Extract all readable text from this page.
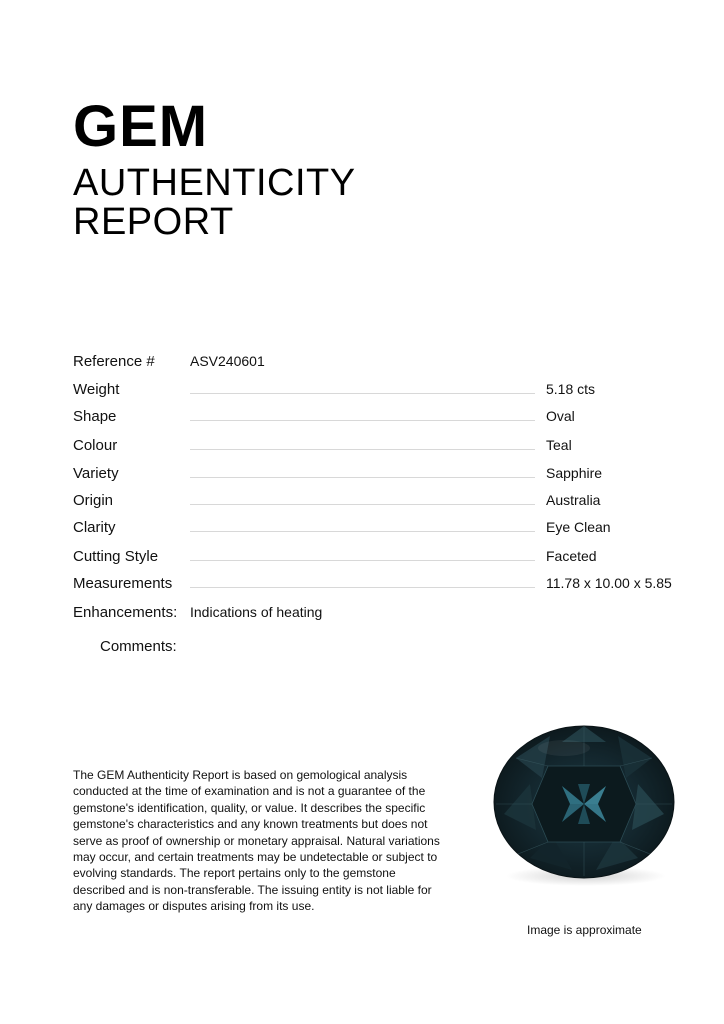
GEM
AUTHENTICITY
REPORT
Reference #	ASV240601
Weight	5.18 cts
Shape	Oval
Colour	Teal
Variety	Sapphire
Origin	Australia
Clarity	Eye Clean
Cutting Style	Faceted
Measurements	11.78 x 10.00 x 5.85
Enhancements: Indications of heating
Comments:

The GEM Authenticity Report is based on gemological analysis conducted at the time of examination and is not a guarantee of the gemstone's identification, quality, or value. It describes the specific gemstone's characteristics and any known treatments but does not serve as proof of ownership or monetary appraisal. Natural variations may occur, and certain treatments may be undetectable or subject to evolving standards. The report pertains only to the gemstone described and is non-transferable. The issuing entity is not liable for any damages or disputes arising from its use.

Image is approximate
